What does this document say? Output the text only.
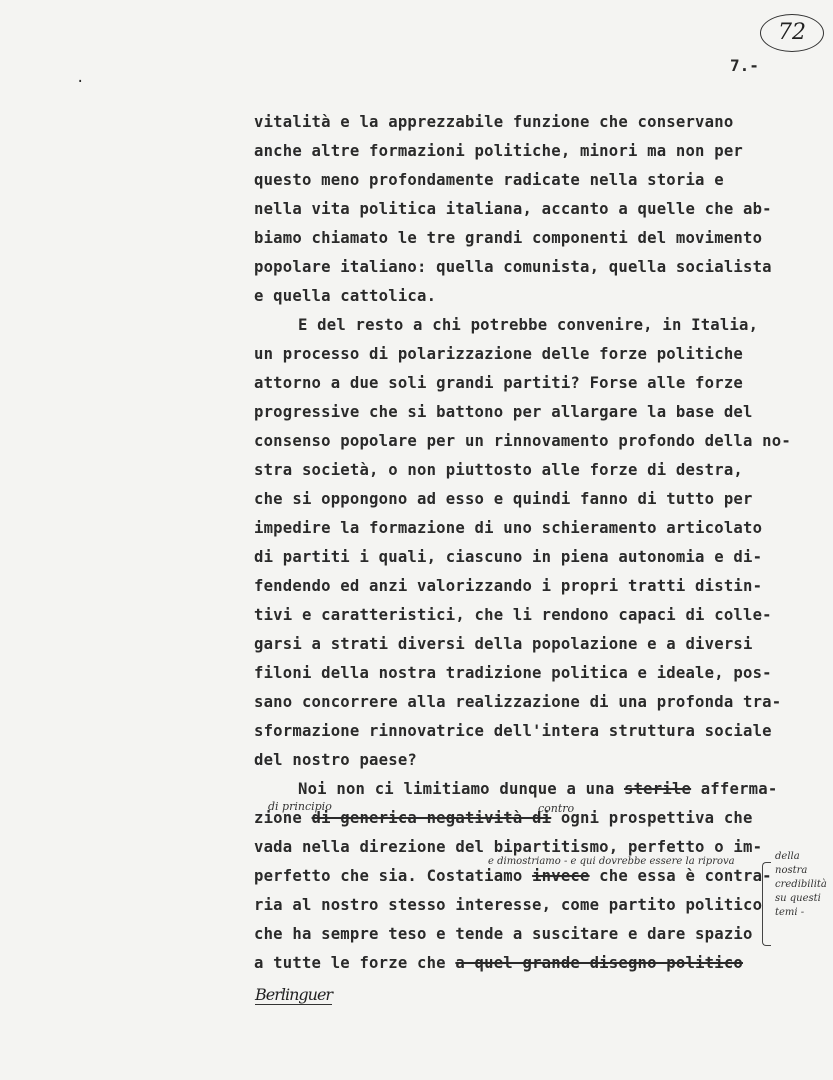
72
7.-
.
vitalità e la apprezzabile funzione che conservano
anche altre formazioni politiche, minori ma non per
questo meno profondamente radicate nella storia e
nella vita politica italiana, accanto a quelle che ab-
biamo chiamato le tre grandi componenti del movimento
popolare italiano: quella comunista, quella socialista
e quella cattolica.
E del resto a chi potrebbe convenire, in Italia,
un processo di polarizzazione delle forze politiche
attorno a due soli grandi partiti? Forse alle forze
progressive che si battono per allargare la base del
consenso popolare per un rinnovamento profondo della no-
stra società, o non piuttosto alle forze di destra,
che si oppongono ad esso e quindi fanno di tutto per
impedire la formazione di uno schieramento articolato
di partiti i quali, ciascuno in piena autonomia e di-
fendendo ed anzi valorizzando i propri tratti distin-
tivi e caratteristici, che li rendono capaci di colle-
garsi a strati diversi della popolazione e a diversi
filoni della nostra tradizione politica e ideale, pos-
sano concorrere alla realizzazione di una profonda tra-
sformazione rinnovatrice dell'intera struttura sociale
del nostro paese?
Noi non ci limitiamo dunque a una sterile afferma-
zione di generica negatività di ogni prospettiva che
vada nella direzione del bipartitismo, perfetto o im-
perfetto che sia. Costatiamo invece che essa è contra-
ria al nostro stesso interesse, come partito politico
che ha sempre teso e tende a suscitare e dare spazio
a tutte le forze che a quel grande disegno politico
di principio	contro
e dimostriamo - e qui dovrebbe essere la riprova	della nostra credibilità su questi temi -
Berlinguer
